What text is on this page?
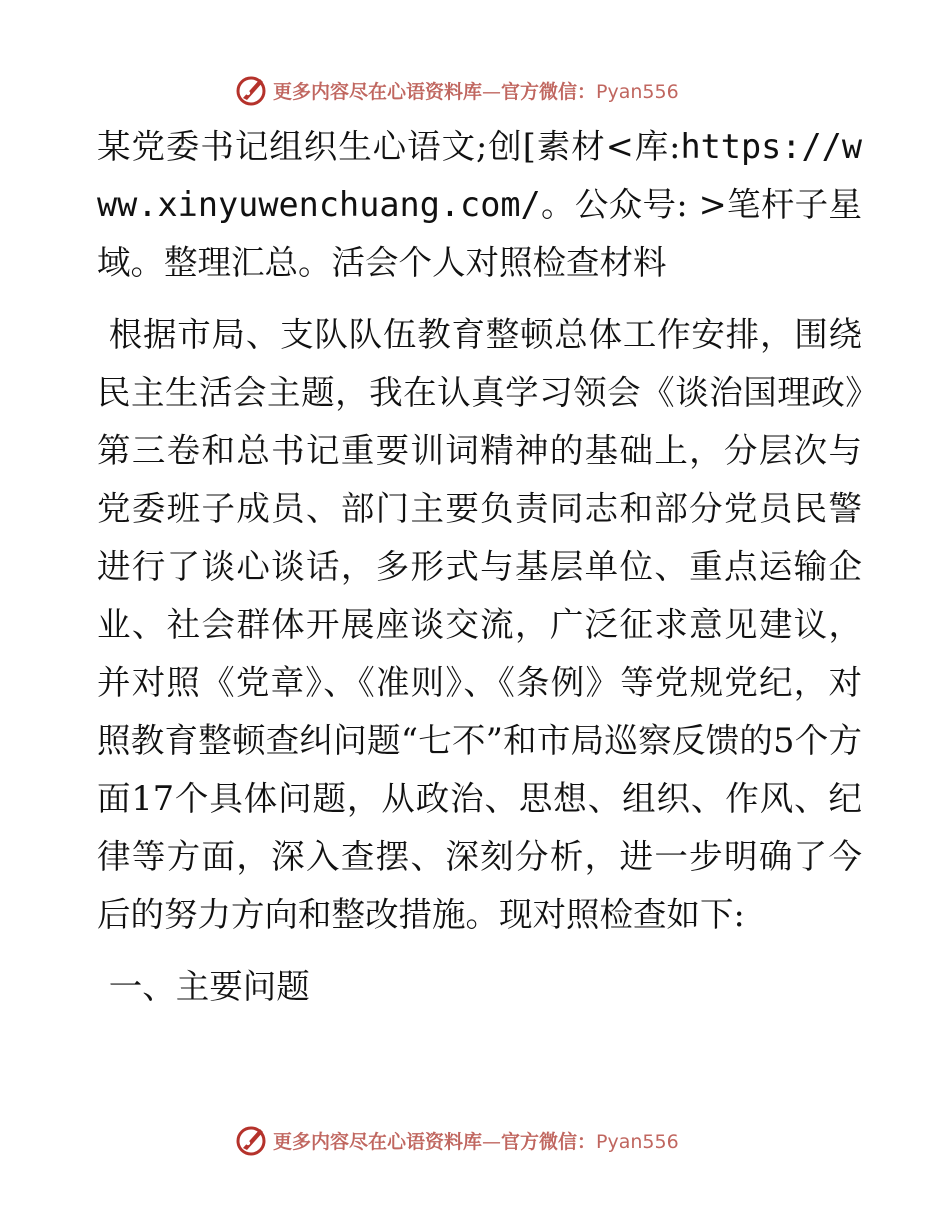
更多内容尽在心语资料库—官方微信：Pyan556

某党委书记组织生心语文;创[素材<库:https://www.xinyuwenchuang.com/。公众号: >笔杆子星域。整理汇总。活会个人对照检查材料

根据市局、支队队伍教育整顿总体工作安排，围绕民主生活会主题，我在认真学习领会《谈治国理政》第三卷和总书记重要训词精神的基础上，分层次与党委班子成员、部门主要负责同志和部分党员民警进行了谈心谈话，多形式与基层单位、重点运输企业、社会群体开展座谈交流，广泛征求意见建议，并对照《党章》、《准则》、《条例》等党规党纪，对照教育整顿查纠问题“七不”和市局巡察反馈的5个方面17个具体问题，从政治、思想、组织、作风、纪律等方面，深入查摆、深刻分析，进一步明确了今后的努力方向和整改措施。现对照检查如下:

一、主要问题

更多内容尽在心语资料库—官方微信：Pyan556
